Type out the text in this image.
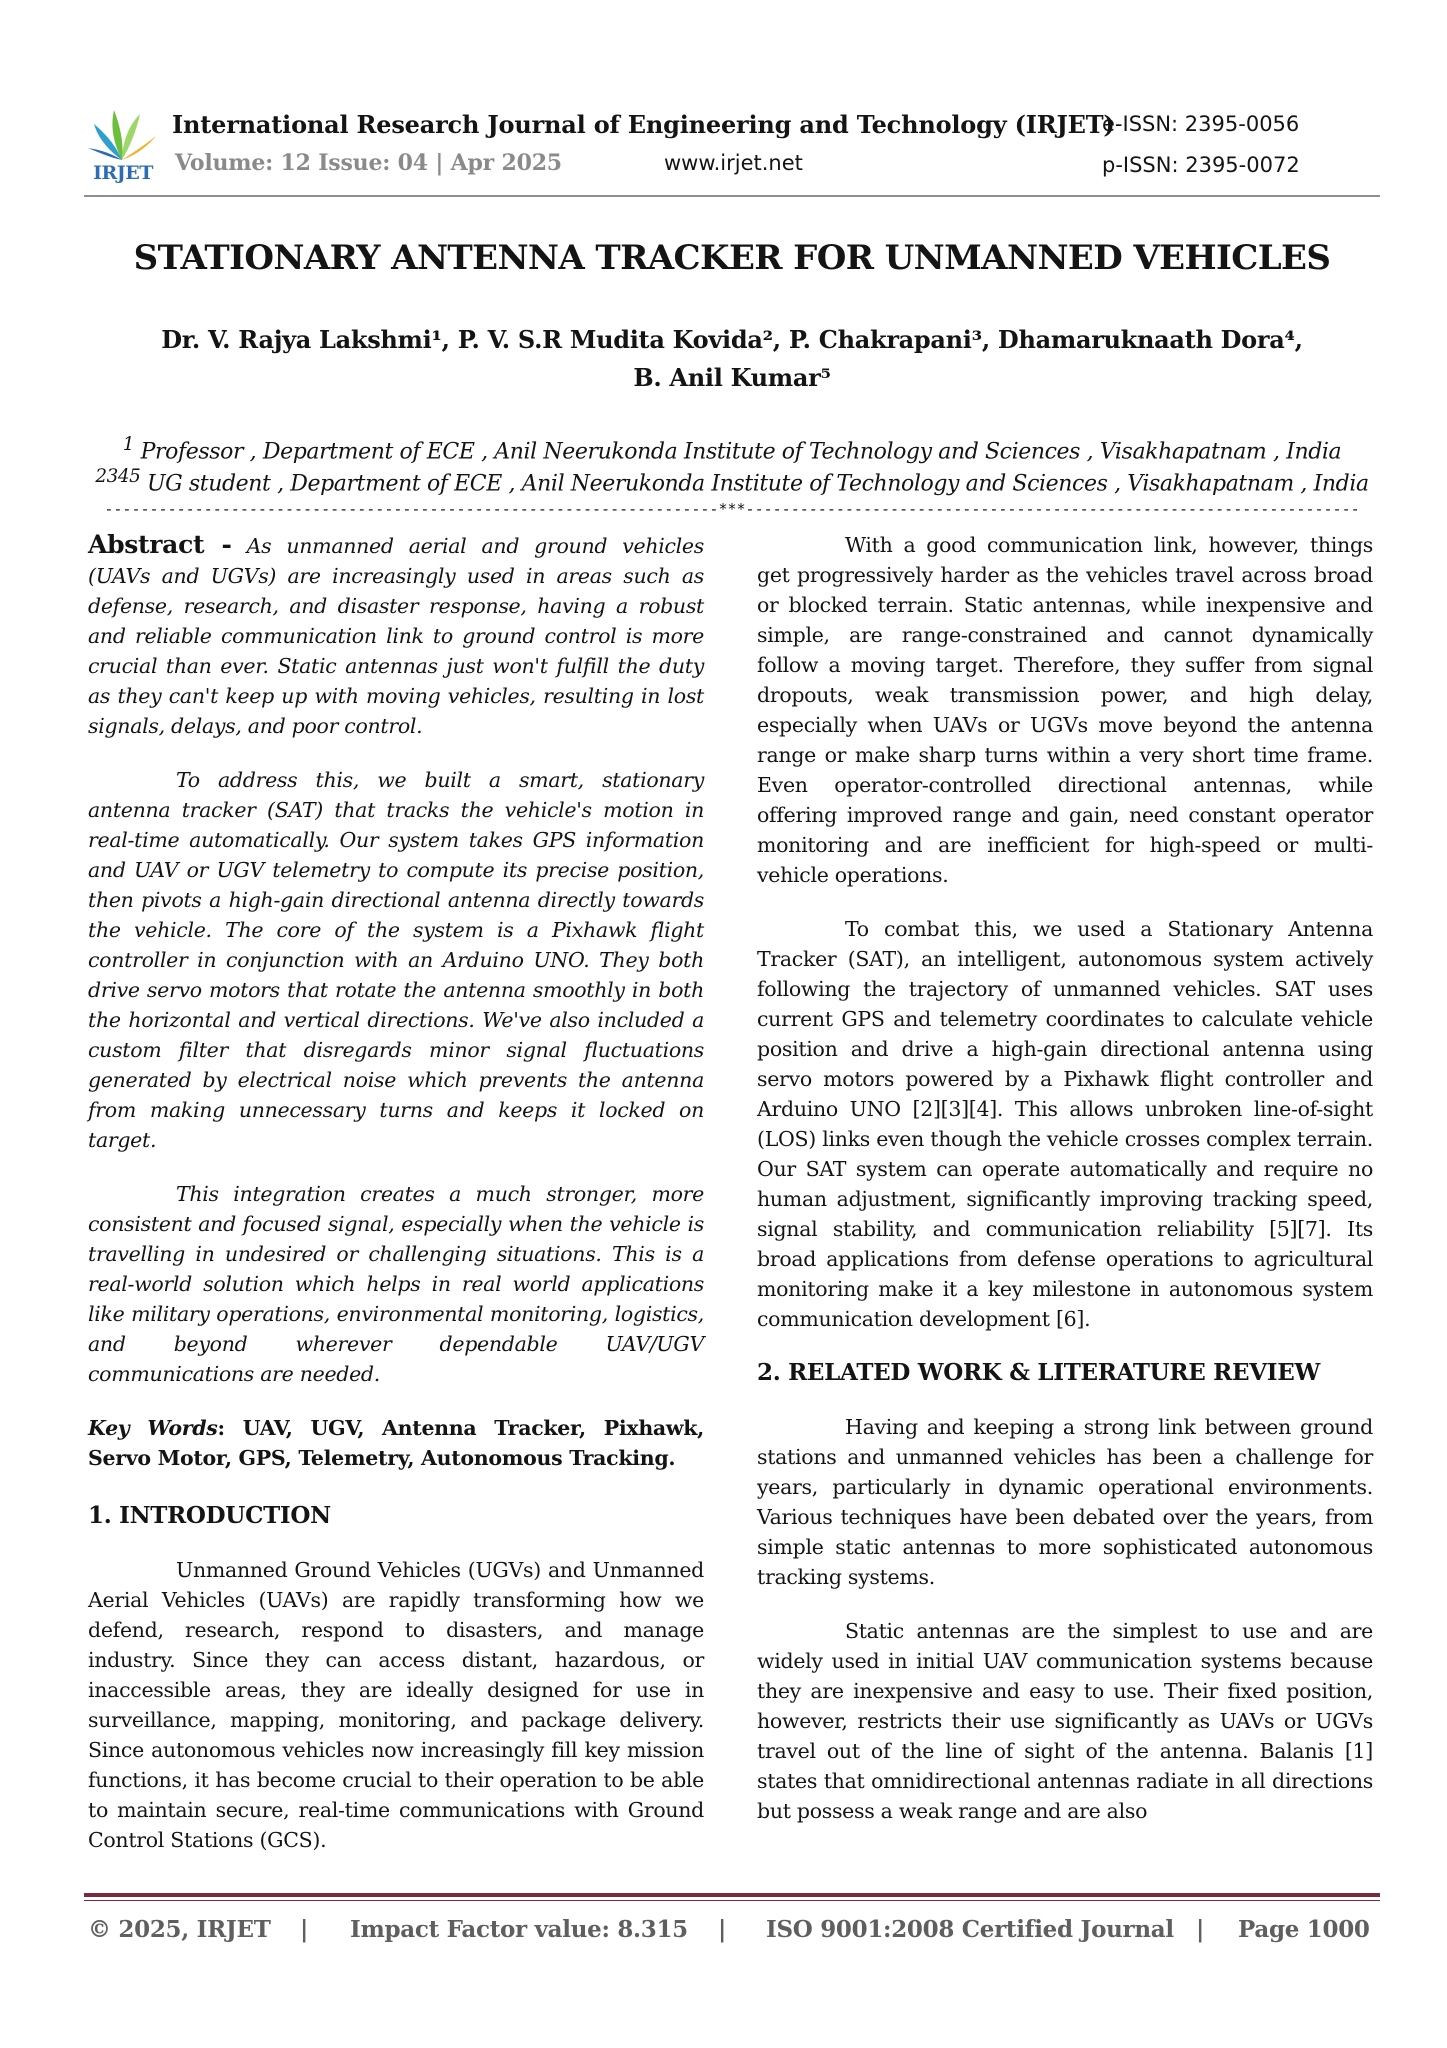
IRJET
International Research Journal of Engineering and Technology (IRJET)
Volume: 12 Issue: 04 | Apr 2025	www.irjet.net
e-ISSN: 2395-0056
p-ISSN: 2395-0072
STATIONARY ANTENNA TRACKER FOR UNMANNED VEHICLES
Dr. V. Rajya Lakshmi¹, P. V. S.R Mudita Kovida², P. Chakrapani³, Dhamaruknaath Dora⁴,
B. Anil Kumar⁵
$^1$ Professor , Department of ECE , Anil Neerukonda Institute of Technology and Sciences , Visakhapatnam , India
$^{2345}$ UG student , Department of ECE , Anil Neerukonda Institute of Technology and Sciences , Visakhapatnam , India
--------------------------------------------------------------------***--------------------------------------------------------------------

Abstract - As unmanned aerial and ground vehicles (UAVs and UGVs) are increasingly used in areas such as defense, research, and disaster response, having a robust and reliable communication link to ground control is more crucial than ever. Static antennas just won't fulfill the duty as they can't keep up with moving vehicles, resulting in lost signals, delays, and poor control.

To address this, we built a smart, stationary antenna tracker (SAT) that tracks the vehicle's motion in real-time automatically. Our system takes GPS information and UAV or UGV telemetry to compute its precise position, then pivots a high-gain directional antenna directly towards the vehicle. The core of the system is a Pixhawk flight controller in conjunction with an Arduino UNO. They both drive servo motors that rotate the antenna smoothly in both the horizontal and vertical directions. We've also included a custom filter that disregards minor signal fluctuations generated by electrical noise which prevents the antenna from making unnecessary turns and keeps it locked on target.

This integration creates a much stronger, more consistent and focused signal, especially when the vehicle is travelling in undesired or challenging situations. This is a real-world solution which helps in real world applications like military operations, environmental monitoring, logistics, and beyond wherever dependable UAV/UGV communications are needed.

Key Words: UAV, UGV, Antenna Tracker, Pixhawk, Servo Motor, GPS, Telemetry, Autonomous Tracking.

1. INTRODUCTION

Unmanned Ground Vehicles (UGVs) and Unmanned Aerial Vehicles (UAVs) are rapidly transforming how we defend, research, respond to disasters, and manage industry. Since they can access distant, hazardous, or inaccessible areas, they are ideally designed for use in surveillance, mapping, monitoring, and package delivery. Since autonomous vehicles now increasingly fill key mission functions, it has become crucial to their operation to be able to maintain secure, real-time communications with Ground Control Stations (GCS).

With a good communication link, however, things get progressively harder as the vehicles travel across broad or blocked terrain. Static antennas, while inexpensive and simple, are range-constrained and cannot dynamically follow a moving target. Therefore, they suffer from signal dropouts, weak transmission power, and high delay, especially when UAVs or UGVs move beyond the antenna range or make sharp turns within a very short time frame. Even operator-controlled directional antennas, while offering improved range and gain, need constant operator monitoring and are inefficient for high-speed or multi-vehicle operations.

To combat this, we used a Stationary Antenna Tracker (SAT), an intelligent, autonomous system actively following the trajectory of unmanned vehicles. SAT uses current GPS and telemetry coordinates to calculate vehicle position and drive a high-gain directional antenna using servo motors powered by a Pixhawk flight controller and Arduino UNO [2][3][4]. This allows unbroken line-of-sight (LOS) links even though the vehicle crosses complex terrain. Our SAT system can operate automatically and require no human adjustment, significantly improving tracking speed, signal stability, and communication reliability [5][7]. Its broad applications from defense operations to agricultural monitoring make it a key milestone in autonomous system communication development [6].

2. RELATED WORK & LITERATURE REVIEW

Having and keeping a strong link between ground stations and unmanned vehicles has been a challenge for years, particularly in dynamic operational environments. Various techniques have been debated over the years, from simple static antennas to more sophisticated autonomous tracking systems.

Static antennas are the simplest to use and are widely used in initial UAV communication systems because they are inexpensive and easy to use. Their fixed position, however, restricts their use significantly as UAVs or UGVs travel out of the line of sight of the antenna. Balanis [1] states that omnidirectional antennas radiate in all directions but possess a weak range and are also

© 2025, IRJET | Impact Factor value: 8.315 | ISO 9001:2008 Certified Journal | Page 1000
